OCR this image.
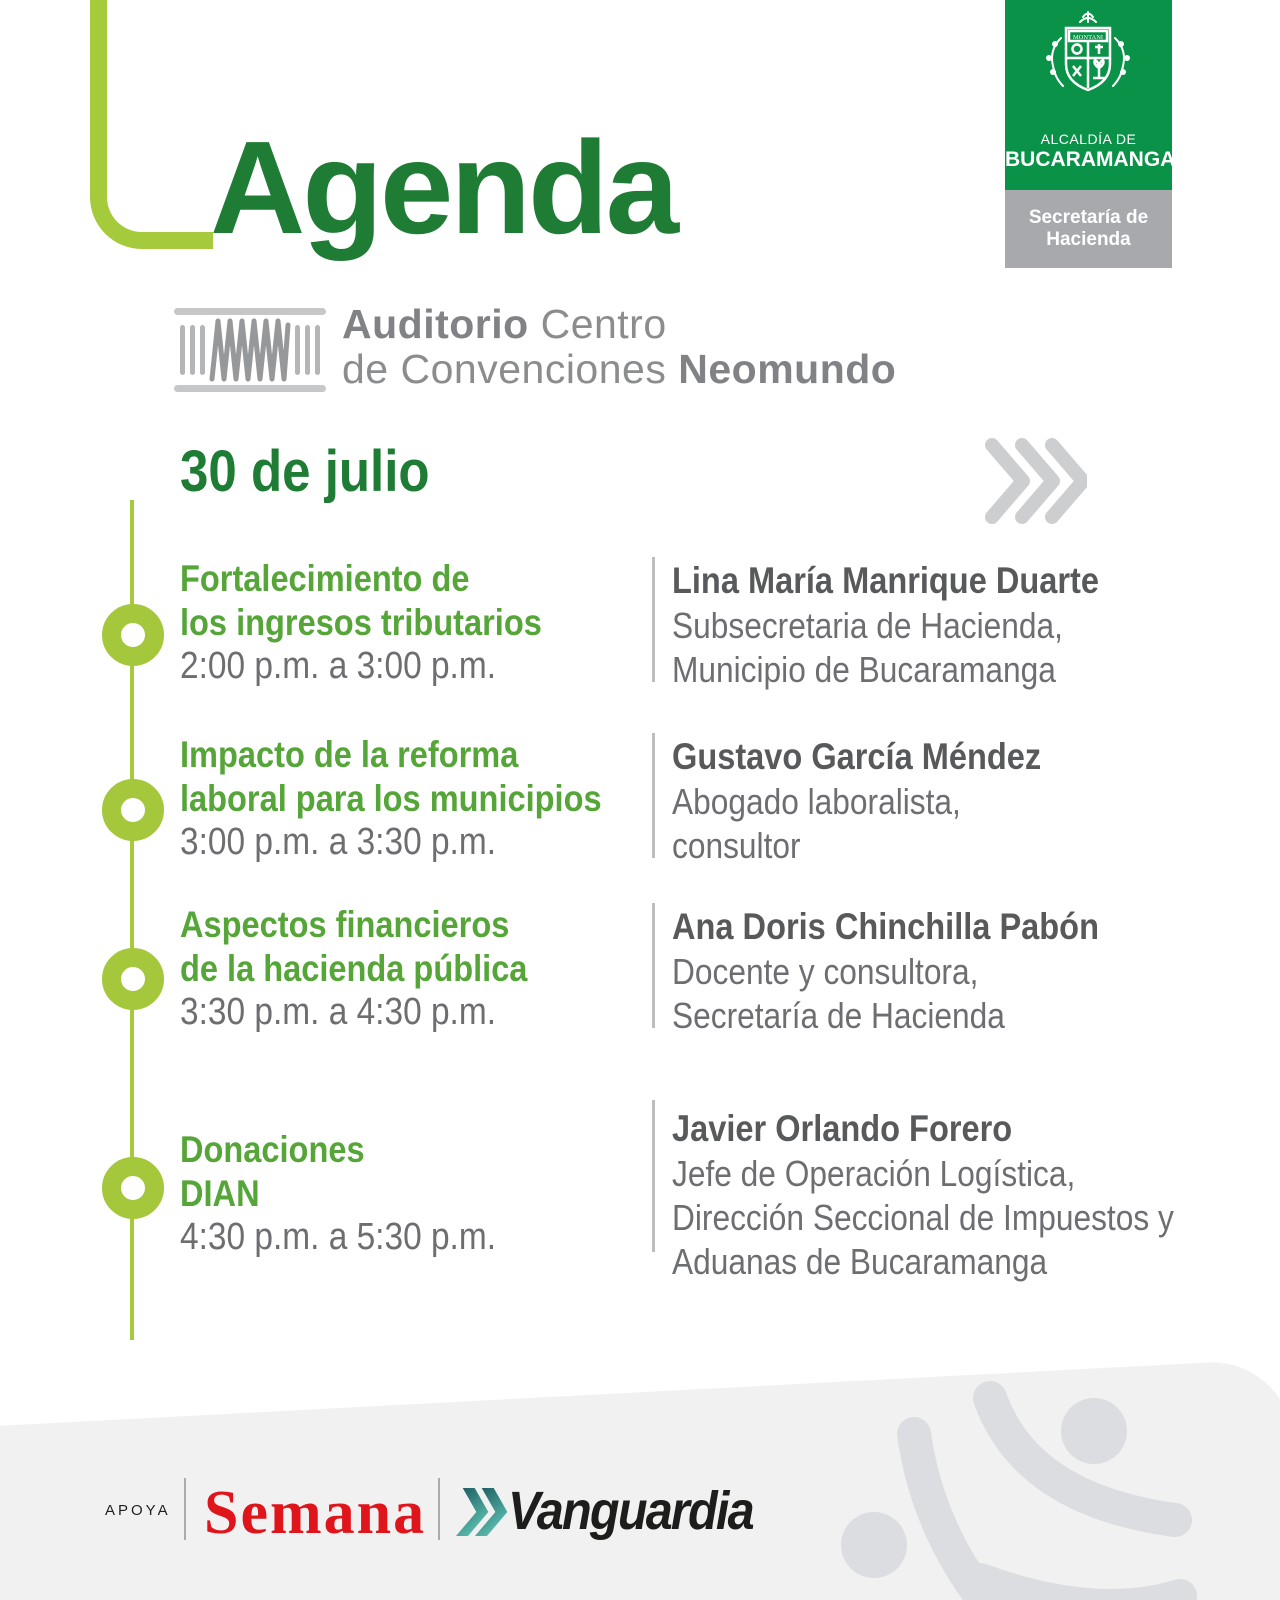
Agenda
MONTANI
ALCALDÍA DE
BUCARAMANGA
Secretaría de
Hacienda
Auditorio Centro
de Convenciones Neomundo
30 de julio
Fortalecimiento de
los ingresos tributarios
2:00 p.m. a 3:00 p.m.
Lina María Manrique Duarte
Subsecretaria de Hacienda,
Municipio de Bucaramanga
Impacto de la reforma
laboral para los municipios
3:00 p.m. a 3:30 p.m.
Gustavo García Méndez
Abogado laboralista,
consultor
Aspectos financieros
de la hacienda pública
3:30 p.m. a 4:30 p.m.
Ana Doris Chinchilla Pabón
Docente y consultora,
Secretaría de Hacienda
Donaciones
DIAN
4:30 p.m. a 5:30 p.m.
Javier Orlando Forero
Jefe de Operación Logística,
Dirección Seccional de Impuestos y
Aduanas de Bucaramanga
APOYA Semana Vanguardia
